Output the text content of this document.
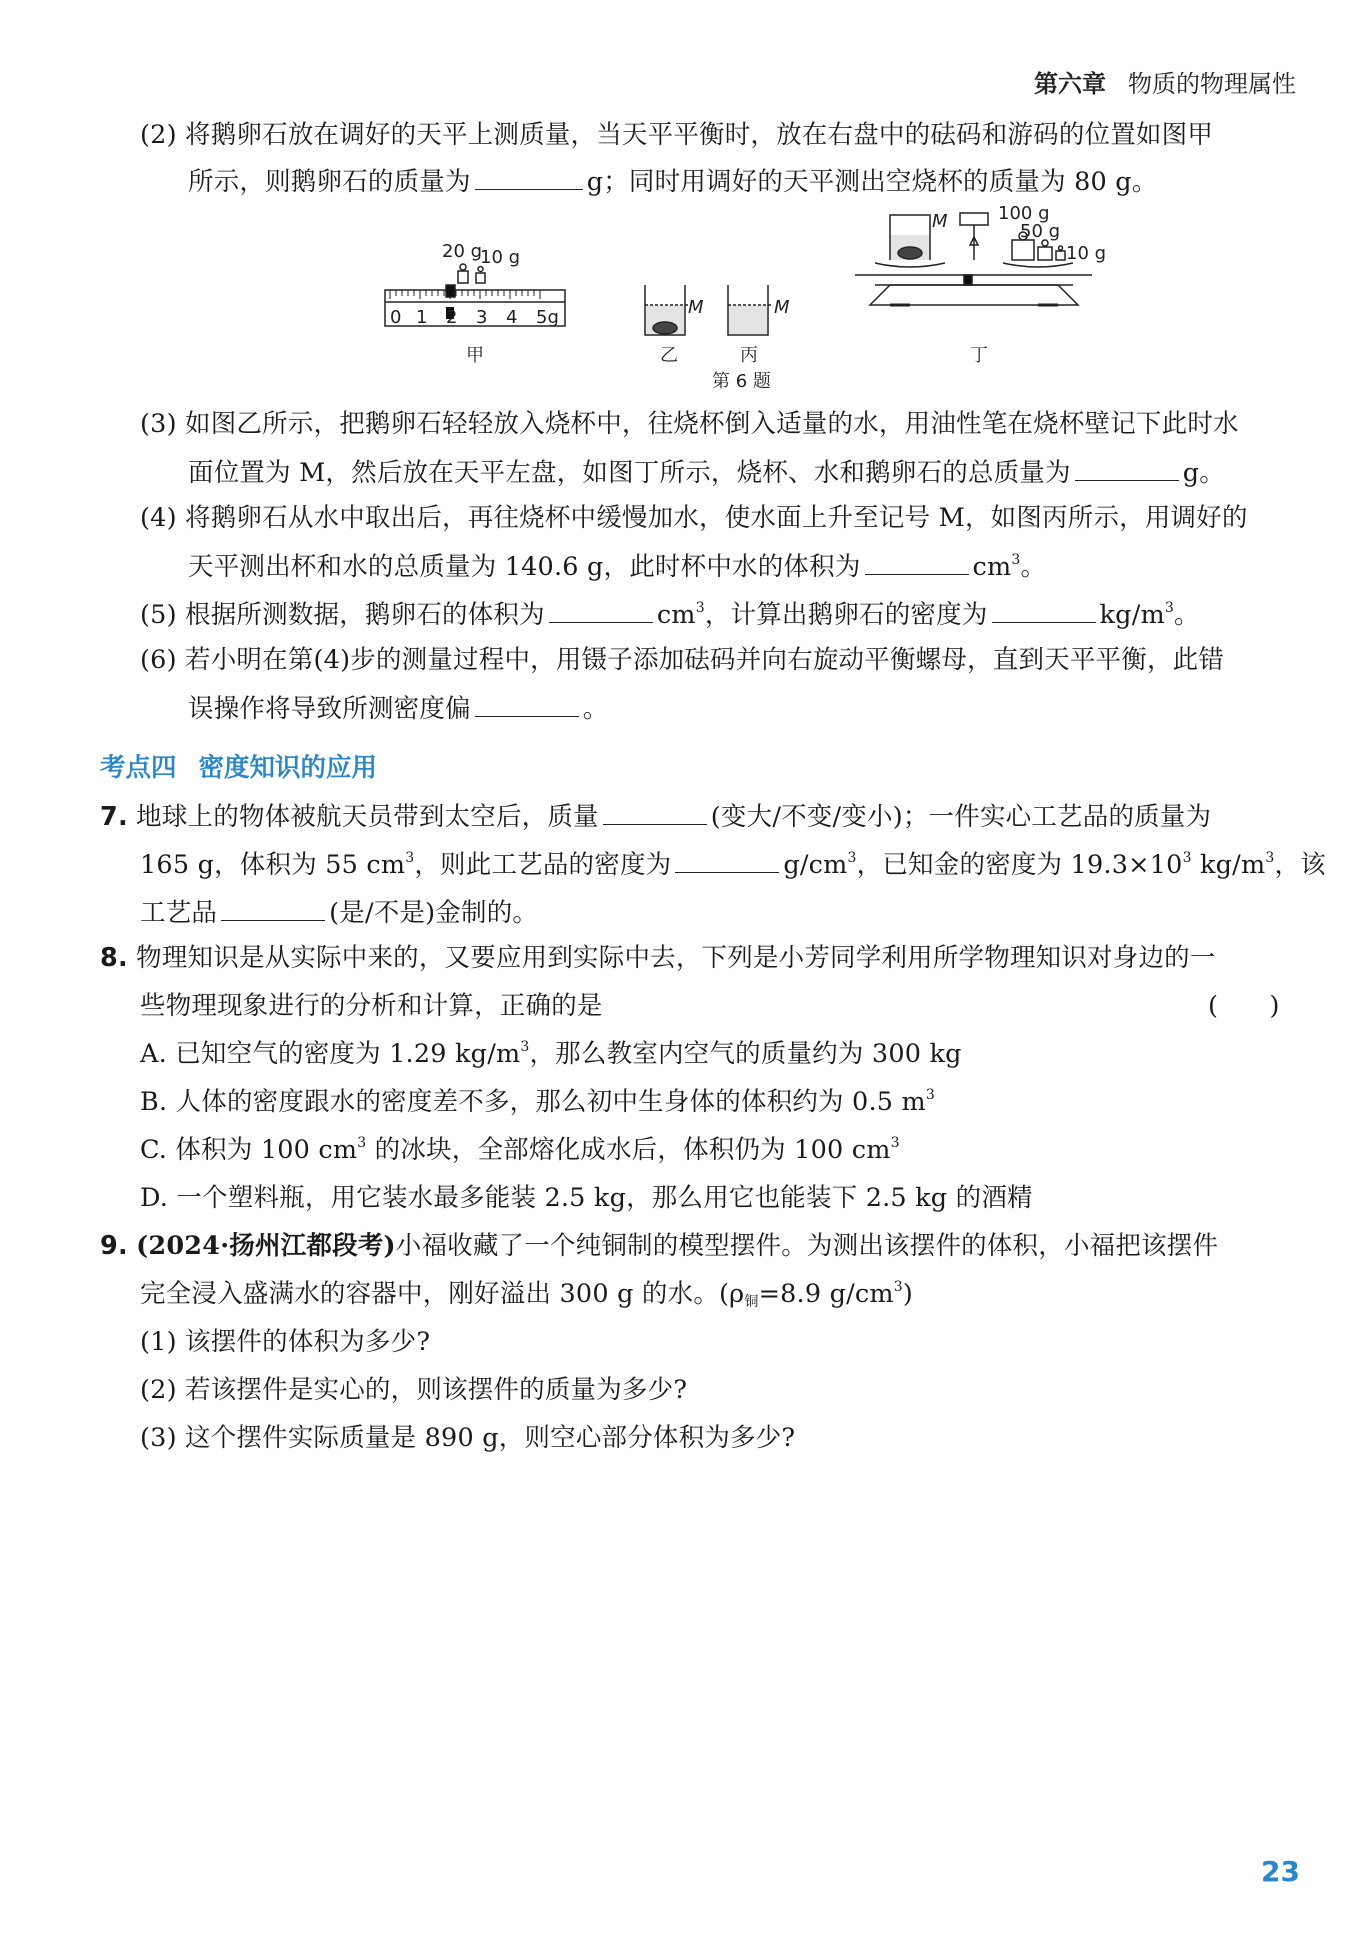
第六章 物质的物理属性
(2) 将鹅卵石放在调好的天平上测质量，当天平平衡时，放在右盘中的砝码和游码的位置如图甲
所示，则鹅卵石的质量为	g；同时用调好的天平测出空烧杯的质量为 80 g。
20 g
10 g
0 1 2 3 4 5g
甲
M
乙
M
丙
第 6 题
100 g
50 g
10 g
M
丁
(3) 如图乙所示，把鹅卵石轻轻放入烧杯中，往烧杯倒入适量的水，用油性笔在烧杯壁记下此时水
面位置为 M，然后放在天平左盘，如图丁所示，烧杯、水和鹅卵石的总质量为	g。
(4) 将鹅卵石从水中取出后，再往烧杯中缓慢加水，使水面上升至记号 M，如图丙所示，用调好的
天平测出杯和水的总质量为 140.6 g，此时杯中水的体积为	$cm^3$。
(5) 根据所测数据，鹅卵石的体积为	$cm^3$，计算出鹅卵石的密度为	$kg/m^3$。
(6) 若小明在第(4)步的测量过程中，用镊子添加砝码并向右旋动平衡螺母，直到天平平衡，此错
误操作将导致所测密度偏	。
考点四 密度知识的应用
7. 地球上的物体被航天员带到太空后，质量	(变大/不变/变小)；一件实心工艺品的质量为
165 g，体积为 55 $cm^3$，则此工艺品的密度为	$g/cm^3$，已知金的密度为 $19.3\times 10^3$ $kg/m^3$，该
工艺品	(是/不是)金制的。
8. 物理知识是从实际中来的，又要应用到实际中去，下列是小芳同学利用所学物理知识对身边的一
些物理现象进行的分析和计算，正确的是	(　　)
A. 已知空气的密度为 1.29 $kg/m^3$，那么教室内空气的质量约为 300 kg
B. 人体的密度跟水的密度差不多，那么初中生身体的体积约为 0.5 $m^3$
C. 体积为 100 $cm^3$ 的冰块，全部熔化成水后，体积仍为 100 $cm^3$
D. 一个塑料瓶，用它装水最多能装 2.5 kg，那么用它也能装下 2.5 kg 的酒精
9. (2024·扬州江都段考)小福收藏了一个纯铜制的模型摆件。为测出该摆件的体积，小福把该摆件
完全浸入盛满水的容器中，刚好溢出 300 g 的水。($\rho_铜=8.9$ $g/cm^3$)
(1) 该摆件的体积为多少?
(2) 若该摆件是实心的，则该摆件的质量为多少?
(3) 这个摆件实际质量是 890 g，则空心部分体积为多少?
23
